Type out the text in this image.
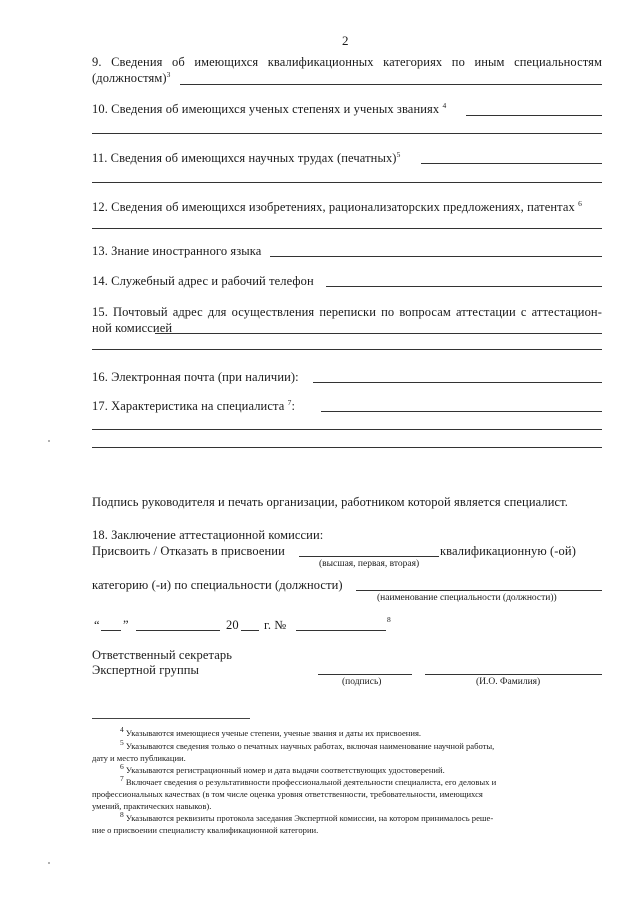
2
9. Сведения об имеющихся квалификационных категориях по иным специальностям
(должностям)$^3$
10. Сведения об имеющихся ученых степенях и ученых званиях $^4$
11. Сведения об имеющихся научных трудах (печатных)$^5$
12. Сведения об имеющихся изобретениях, рационализаторских предложениях, патентах $^6$
13. Знание иностранного языка
14. Служебный адрес и рабочий телефон
15. Почтовый адрес для осуществления переписки по вопросам аттестации с аттестацион-
ной комиссией
16. Электронная почта (при наличии):
17. Характеристика на специалиста $^7$:
Подпись руководителя и печать организации, работником которой является специалист.
18. Заключение аттестационной комиссии:
Присвоить / Отказать в присвоении	квалификационную (-ой)
(высшая, первая, вторая)
категорию (-и) по специальности (должности)
(наименование специальности (должности))
“ ”	20 г. №	8
Ответственный секретарь
Экспертной группы
(подпись)	(И.О. Фамилия)
$^4$ Указываются имеющиеся ученые степени, ученые звания и даты их присвоения.
$^5$ Указываются сведения только о печатных научных работах, включая наименование научной работы,
дату и место публикации.
$^6$ Указываются регистрационный номер и дата выдачи соответствующих удостоверений.
$^7$ Включает сведения о результативности профессиональной деятельности специалиста, его деловых и
профессиональных качествах (в том числе оценка уровня ответственности, требовательности, имеющихся
умений, практических навыков).
$^8$ Указываются реквизиты протокола заседания Экспертной комиссии, на котором принималось реше-
ние о присвоении специалисту квалификационной категории.
